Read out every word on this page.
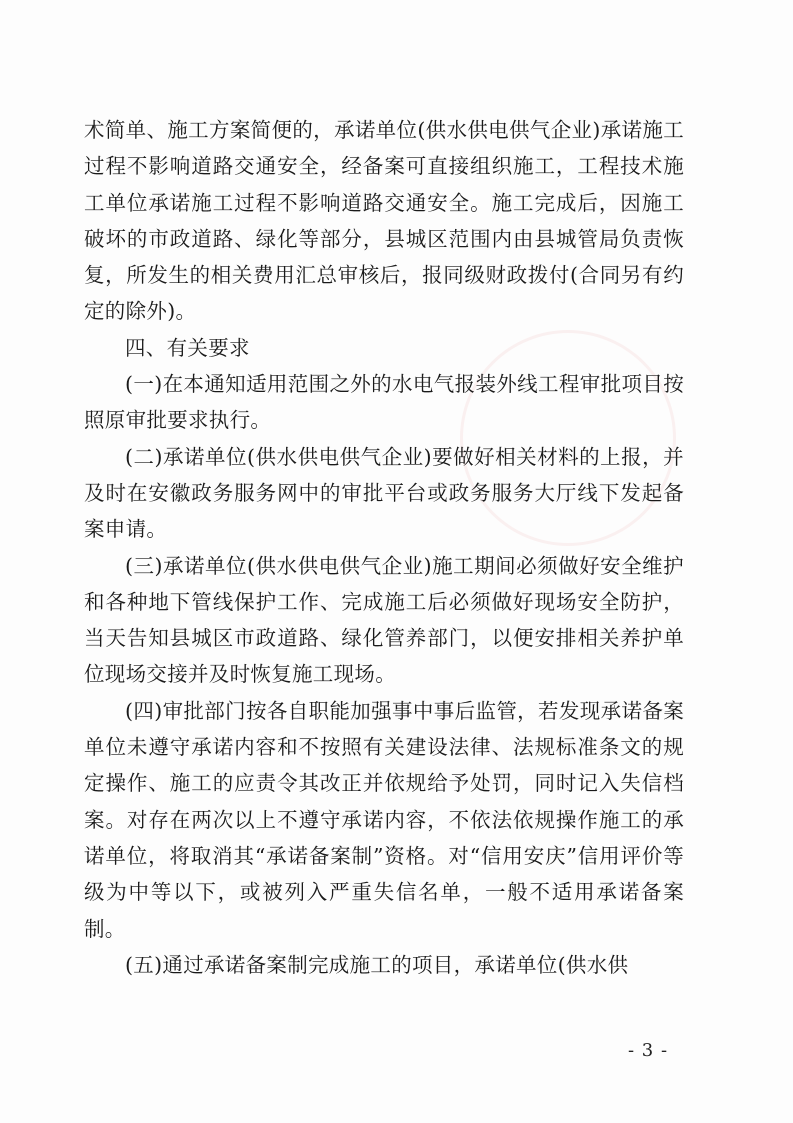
术简单、施工方案简便的，承诺单位(供水供电供气企业)承诺施工过程不影响道路交通安全，经备案可直接组织施工，工程技术施工单位承诺施工过程不影响道路交通安全。施工完成后，因施工破坏的市政道路、绿化等部分，县城区范围内由县城管局负责恢复，所发生的相关费用汇总审核后，报同级财政拨付(合同另有约定的除外)。

四、有关要求

(一)在本通知适用范围之外的水电气报装外线工程审批项目按照原审批要求执行。

(二)承诺单位(供水供电供气企业)要做好相关材料的上报，并及时在安徽政务服务网中的审批平台或政务服务大厅线下发起备案申请。

(三)承诺单位(供水供电供气企业)施工期间必须做好安全维护和各种地下管线保护工作、完成施工后必须做好现场安全防护，当天告知县城区市政道路、绿化管养部门，以便安排相关养护单位现场交接并及时恢复施工现场。

(四)审批部门按各自职能加强事中事后监管，若发现承诺备案单位未遵守承诺内容和不按照有关建设法律、法规标准条文的规定操作、施工的应责令其改正并依规给予处罚，同时记入失信档案。对存在两次以上不遵守承诺内容，不依法依规操作施工的承诺单位，将取消其“承诺备案制”资格。对“信用安庆”信用评价等级为中等以下，或被列入严重失信名单，一般不适用承诺备案制。

(五)通过承诺备案制完成施工的项目，承诺单位(供水供

- 3 -
